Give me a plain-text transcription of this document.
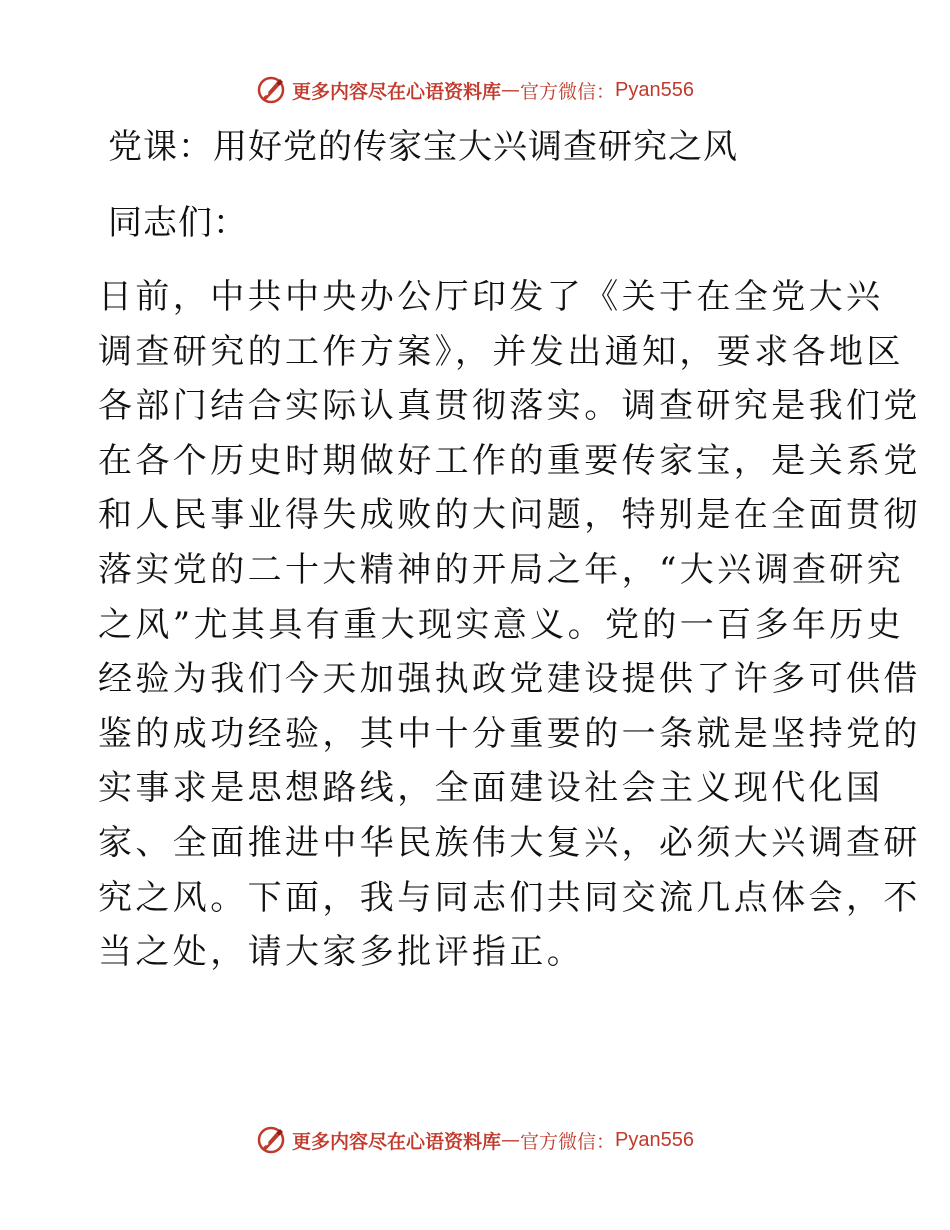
更多内容尽在心语资料库 — 官方微信： Pyan556
党课：用好党的传家宝大兴调查研究之风
同志们：
日前，中共中央办公厅印发了《关于在全党大兴
调查研究的工作方案》，并发出通知，要求各地区
各部门结合实际认真贯彻落实。调查研究是我们党
在各个历史时期做好工作的重要传家宝，是关系党
和人民事业得失成败的大问题，特别是在全面贯彻
落实党的二十大精神的开局之年，“大兴调查研究
之风”尤其具有重大现实意义。党的一百多年历史
经验为我们今天加强执政党建设提供了许多可供借
鉴的成功经验，其中十分重要的一条就是坚持党的
实事求是思想路线，全面建设社会主义现代化国
家、全面推进中华民族伟大复兴，必须大兴调查研
究之风。下面，我与同志们共同交流几点体会，不
当之处，请大家多批评指正。
更多内容尽在心语资料库 — 官方微信： Pyan556
